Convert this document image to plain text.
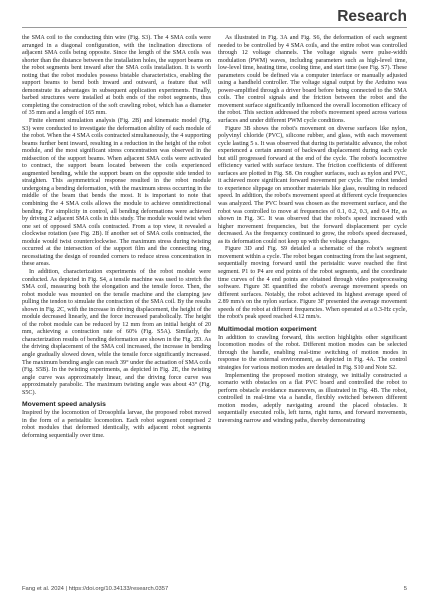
Research
the SMA coil to the conducting thin wire (Fig. S3). The 4 SMA coils were arranged in a diagonal configuration, with the inclination directions of adjacent SMA coils being opposite. Since the length of the SMA coils was shorter than the distance between the installation holes, the support beams on the robot segments bent inward after the SMA coils installation. It is worth noting that the robot modules possess bistable characteristics, enabling the support beams to bend both inward and outward, a feature that will demonstrate its advantages in subsequent application experiments. Finally, barbed structures were installed at both ends of the robot segments, thus completing the construction of the soft crawling robot, which has a diameter of 35 mm and a length of 165 mm.
Finite element simulation analysis (Fig. 2B) and kinematic model (Fig. S3) were conducted to investigate the deformation ability of each module of the robot. When the 4 SMA coils contracted simultaneously, the 4 supporting beams further bent inward, resulting in a reduction in the height of the robot module, and the most significant stress concentration was observed in the midsection of the support beams. When adjacent SMA coils were activated to contract, the support beam located between the coils experienced augmented bending, while the support beam on the opposite side tended to straighten. This asymmetrical response resulted in the robot module undergoing a bending deformation, with the maximum stress occurring in the middle of the beam that bends the most. It is important to note that combining the 4 SMA coils allows the module to achieve omnidirectional bending. For simplicity in control, all bending deformations were achieved by driving 2 adjacent SMA coils in this study. The module would twist when one set of opposed SMA coils contracted. From a top view, it revealed a clockwise rotation (see Fig. 2B). If another set of SMA coils contracted, the module would twist counterclockwise. The maximum stress during twisting occurred at the intersection of the support film and the connecting ring, necessitating the design of rounded corners to reduce stress concentration in these areas.
In addition, characterization experiments of the robot module were conducted. As depicted in Fig. S4, a tensile machine was used to stretch the SMA coil, measuring both the elongation and the tensile force. Then, the robot module was mounted on the tensile machine and the clamping jaw pulling the tendon to simulate the contraction of the SMA coil. By the results shown in Fig. 2C, with the increase in driving displacement, the height of the module decreased linearly, and the force increased parabolically. The height of the robot module can be reduced by 12 mm from an initial height of 20 mm, achieving a contraction rate of 60% (Fig. S5A). Similarly, the characterization results of bending deformation are shown in the Fig. 2D. As the driving displacement of the SMA coil increased, the increase in bending angle gradually slowed down, while the tensile force significantly increased. The maximum bending angle can reach 39° under the actuation of SMA coils (Fig. S5B). In the twisting experiments, as depicted in Fig. 2E, the twisting angle curve was approximately linear, and the driving force curve was approximately parabolic. The maximum twisting angle was about 43° (Fig. S5C).
Movement speed analysis
Inspired by the locomotion of Drosophila larvae, the proposed robot moved in the form of a peristaltic locomotion. Each robot segment comprised 2 robot modules that deformed identically, with adjacent robot segments deforming sequentially over time.
As illustrated in Fig. 3A and Fig. S6, the deformation of each segment needed to be controlled by 4 SMA coils, and the entire robot was controlled through 12 voltage channels. The voltage signals were pulse-width modulation (PWM) waves, including parameters such as high-level time, low-level time, heating time, cooling time, and start time (see Fig. S7). These parameters could be defined via a computer interface or manually adjusted using a handheld controller. The voltage signal output by the Arduino was power-amplified through a driver board before being connected to the SMA coils. The control signals and the friction between the robot and the movement surface significantly influenced the overall locomotion efficacy of the robot. This section addressed the robot's movement speed across various surfaces and under different PWM cycle conditions.
Figure 3B shows the robot's movement on diverse surfaces like nylon, polyvinyl chloride (PVC), silicone rubber, and glass, with each movement cycle lasting 5 s. It was observed that during its peristaltic advance, the robot experienced a certain amount of backward displacement during each cycle but still progressed forward at the end of the cycle. The robot's locomotive efficiency varied with surface texture. The friction coefficients of different surfaces are plotted in Fig. S8. On rougher surfaces, such as nylon and PVC, it achieved more significant forward movement per cycle. The robot tended to experience slippage on smoother materials like glass, resulting in reduced speed. In addition, the robot's movement speed at different cycle frequencies was analyzed. The PVC board was chosen as the movement surface, and the robot was controlled to move at frequencies of 0.1, 0.2, 0.3, and 0.4 Hz, as shown in Fig. 3C. It was observed that the robot's speed increased with higher movement frequencies, but the forward displacement per cycle decreased. As the frequency continued to grow, the robot's speed decreased, as its deformation could not keep up with the voltage changes.
Figure 3D and Fig. S9 detailed a schematic of the robot's segment movement within a cycle. The robot began contracting from the last segment, sequentially moving forward until the peristaltic wave reached the first segment. P1 to P4 are end points of the robot segments, and the coordinate time curves of the 4 end points are obtained through video postprocessing software. Figure 3E quantified the robot's average movement speeds on different surfaces. Notably, the robot achieved its highest average speed of 2.89 mm/s on the nylon surface. Figure 3F presented the average movement speeds of the robot at different frequencies. When operated at a 0.3-Hz cycle, the robot's peak speed reached 4.12 mm/s.
Multimodal motion experiment
In addition to crawling forward, this section highlights other significant locomotion modes of the robot. Different motion modes can be selected through the handle, enabling real-time switching of motion modes in response to the external environment, as depicted in Fig. 4A. The control strategies for various motion modes are detailed in Fig. S10 and Note S2.
Implementing the proposed motion strategy, we initially constructed a scenario with obstacles on a flat PVC board and controlled the robot to perform obstacle avoidance maneuvers, as illustrated in Fig. 4B. The robot, controlled in real-time via a handle, flexibly switched between different motion modes, adeptly navigating around the placed obstacles. It sequentially executed rolls, left turns, right turns, and forward movements, traversing narrow and winding paths, thereby demonstrating
Fang et al. 2024 | https://doi.org/10.34133/research.0357	5
